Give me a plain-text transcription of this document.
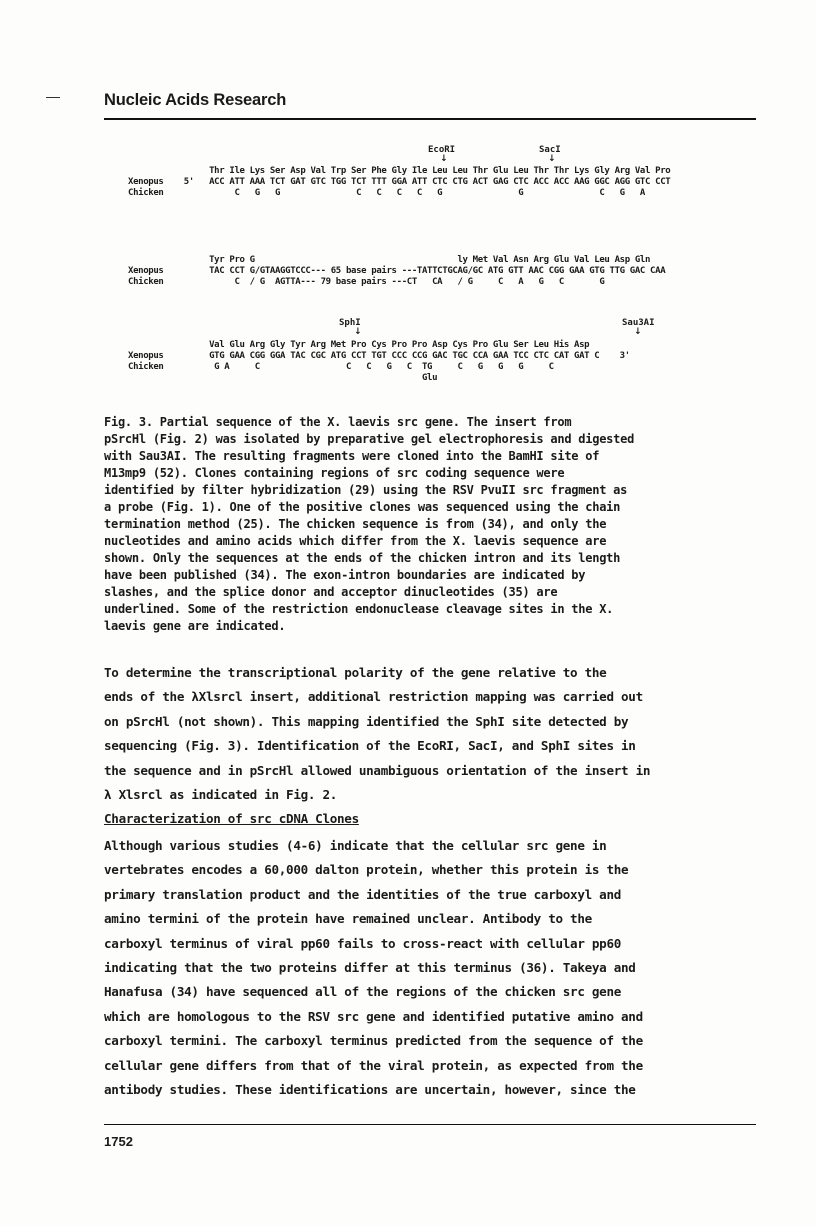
Nucleic Acids Research
EcoRI
↓
SacI
↓
Thr Ile Lys Ser Asp Val Trp Ser Phe Gly Ile Leu Leu Thr Glu Leu Thr Thr Lys Gly Arg Val Pro
Xenopus    5'   ACC ATT AAA TCT GAT GTC TGG TCT TTT GGA ATT CTC CTG ACT GAG CTC ACC ACC AAG GGC AGG GTC CCT
Chicken              C   G   G               C   C   C   C   G               G               C   G   A
Tyr Pro G                                        ly Met Val Asn Arg Glu Val Leu Asp Gln
Xenopus         TAC CCT G/GTAAGGTCCC--- 65 base pairs ---TATTCTGCAG/GC ATG GTT AAC CGG GAA GTG TTG GAC CAA
Chicken              C  / G  AGTTA--- 79 base pairs ---CT   CA   / G     C   A   G   C       G
SphI
↓
Sau3AI
↓
Val Glu Arg Gly Tyr Arg Met Pro Cys Pro Pro Asp Cys Pro Glu Ser Leu His Asp
Xenopus         GTG GAA CGG GGA TAC CGC ATG CCT TGT CCC CCG GAC TGC CCA GAA TCC CTC CAT GAT C    3'
Chicken          G A     C                 C   C   G   C  TG     C   G   G   G     C
Glu

Fig. 3. Partial sequence of the X. laevis src gene. The insert from

pSrcHl (Fig. 2) was isolated by preparative gel electrophoresis and digested

with Sau3AI. The resulting fragments were cloned into the BamHI site of

M13mp9 (52). Clones containing regions of src coding sequence were

identified by filter hybridization (29) using the RSV PvuII src fragment as

a probe (Fig. 1). One of the positive clones was sequenced using the chain

termination method (25). The chicken sequence is from (34), and only the

nucleotides and amino acids which differ from the X. laevis sequence are

shown. Only the sequences at the ends of the chicken intron and its length

have been published (34). The exon-intron boundaries are indicated by

slashes, and the splice donor and acceptor dinucleotides (35) are

underlined. Some of the restriction endonuclease cleavage sites in the X.

laevis gene are indicated.

To determine the transcriptional polarity of the gene relative to the

ends of the λXlsrcl insert, additional restriction mapping was carried out

on pSrcHl (not shown). This mapping identified the SphI site detected by

sequencing (Fig. 3). Identification of the EcoRI, SacI, and SphI sites in

the sequence and in pSrcHl allowed unambiguous orientation of the insert in

λ Xlsrcl as indicated in Fig. 2.

Characterization of src cDNA Clones

Although various studies (4-6) indicate that the cellular src gene in

vertebrates encodes a 60,000 dalton protein, whether this protein is the

primary translation product and the identities of the true carboxyl and

amino termini of the protein have remained unclear. Antibody to the

carboxyl terminus of viral pp60 fails to cross-react with cellular pp60

indicating that the two proteins differ at this terminus (36). Takeya and

Hanafusa (34) have sequenced all of the regions of the chicken src gene

which are homologous to the RSV src gene and identified putative amino and

carboxyl termini. The carboxyl terminus predicted from the sequence of the

cellular gene differs from that of the viral protein, as expected from the

antibody studies. These identifications are uncertain, however, since the

1752
